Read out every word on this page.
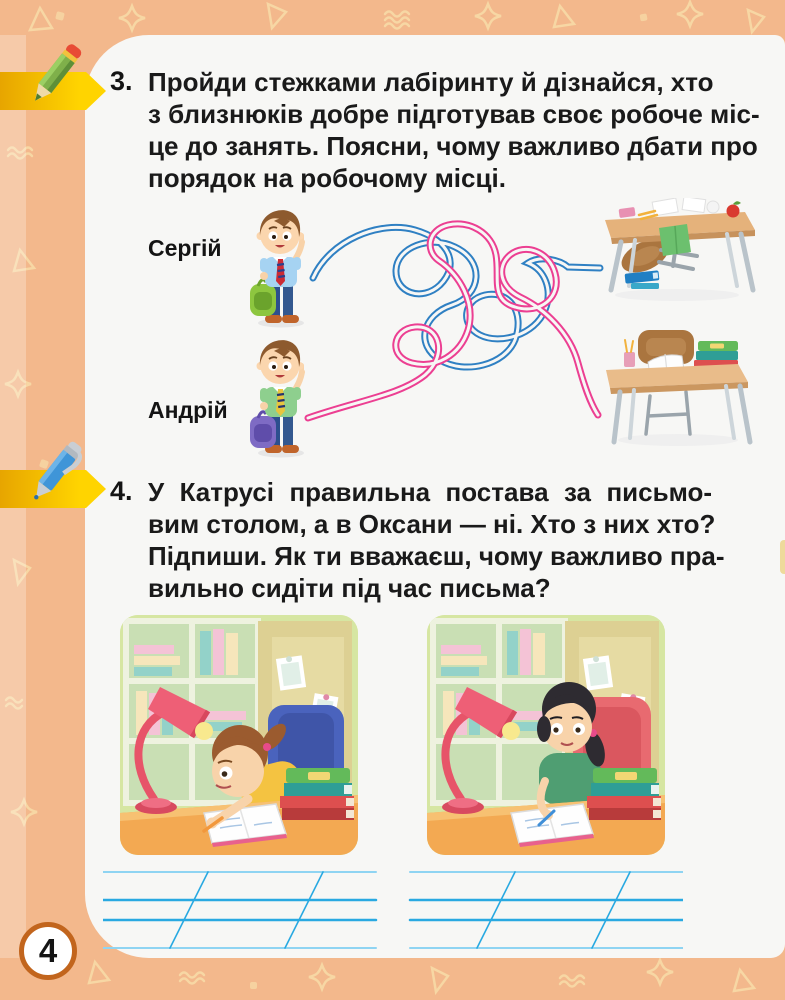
3. Пройди стежками лабіринту й дізнайся, хто
з близнюків добре підготував своє робоче міс-
це до занять. Поясни, чому важливо дбати про
порядок на робочому місці.
Сергій
Андрій
4. У Катрусі правильна постава за письмо-
вим столом, а в Оксани — ні. Хто з них хто?
Підпиши. Як ти вважаєш, чому важливо пра-
вильно сидіти під час письма?
4
